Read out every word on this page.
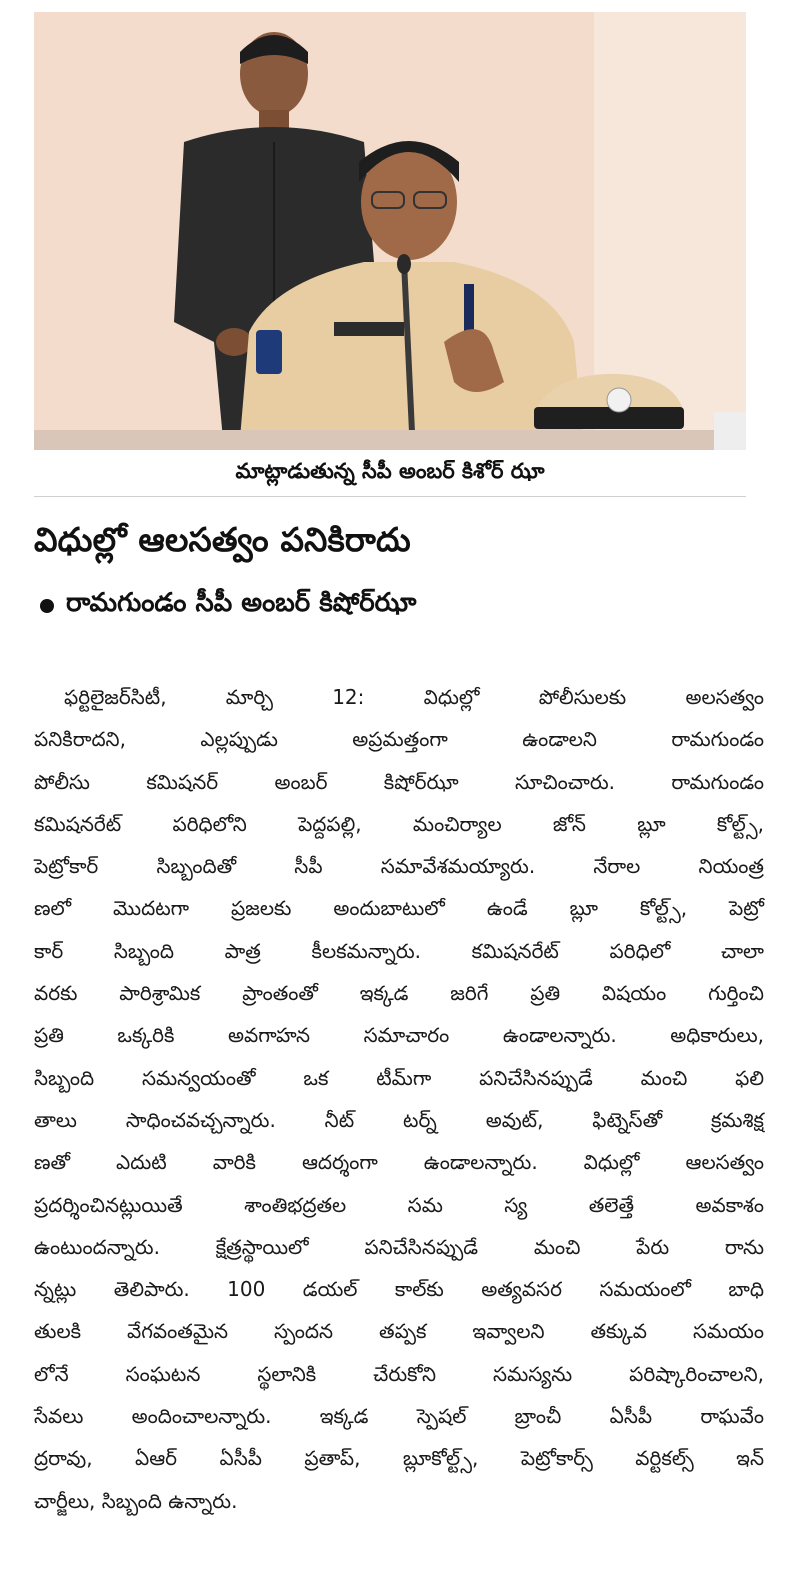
మాట్లాడుతున్న సీపీ అంబర్ కిశోర్ ఝా
విధుల్లో ఆలసత్వం పనికిరాదు
రామగుండం సీపీ అంబర్ కిషోర్‌ఝా
ఫర్టిలైజర్‌సిటీ, మార్చి 12: విధుల్లో పోలీసులకు అలసత్వం
పనికిరాదని, ఎల్లప్పుడు అప్రమత్తంగా ఉండాలని రామగుండం
పోలీసు కమిషనర్ అంబర్ కిషోర్‌ఝా సూచించారు. రామగుండం
కమిషనరేట్ పరిధిలోని పెద్దపల్లి, మంచిర్యాల జోన్ బ్లూ కోల్ట్స్,
పెట్రోకార్ సిబ్బందితో సీపీ సమావేశమయ్యారు. నేరాల నియంత్ర
ణలో మొదటగా ప్రజలకు అందుబాటులో ఉండే బ్లూ కోల్ట్స్, పెట్రో
కార్ సిబ్బంది పాత్ర కీలకమన్నారు. కమిషనరేట్ పరిధిలో చాలా
వరకు పారిశ్రామిక ప్రాంతంతో ఇక్కడ జరిగే ప్రతి విషయం గుర్తించి
ప్రతి ఒక్కరికి అవగాహన సమాచారం ఉండాలన్నారు. అధికారులు,
సిబ్బంది సమన్వయంతో ఒక టీమ్‌గా పనిచేసినప్పుడే మంచి ఫలి
తాలు సాధించవచ్చన్నారు. నీట్ టర్న్ అవుట్, ఫిట్నెస్‌తో క్రమశిక్ష
ణతో ఎదుటి వారికి ఆదర్శంగా ఉండాలన్నారు. విధుల్లో ఆలసత్వం
ప్రదర్శించినట్లుయితే శాంతిభద్రతల సమ స్య తలెత్తే అవకాశం
ఉంటుందన్నారు. క్షేత్రస్థాయిలో పనిచేసినప్పుడే మంచి పేరు రాను
న్నట్లు తెలిపారు. 100 డయల్ కాల్‌కు అత్యవసర సమయంలో బాధి
తులకి వేగవంతమైన స్పందన తప్పక ఇవ్వాలని తక్కువ సమయం
లోనే సంఘటన స్థలానికి చేరుకోని సమస్యను పరిష్కారించాలని,
సేవలు అందించాలన్నారు. ఇక్కడ స్పెషల్ బ్రాంచీ ఏసీపీ రాఘవేం
ద్రరావు, ఏఆర్ ఏసీపీ ప్రతాప్, బ్లూకోల్ట్స్, పెట్రోకార్స్ వర్టికల్స్ ఇన్
చార్జీలు, సిబ్బంది ఉన్నారు.
